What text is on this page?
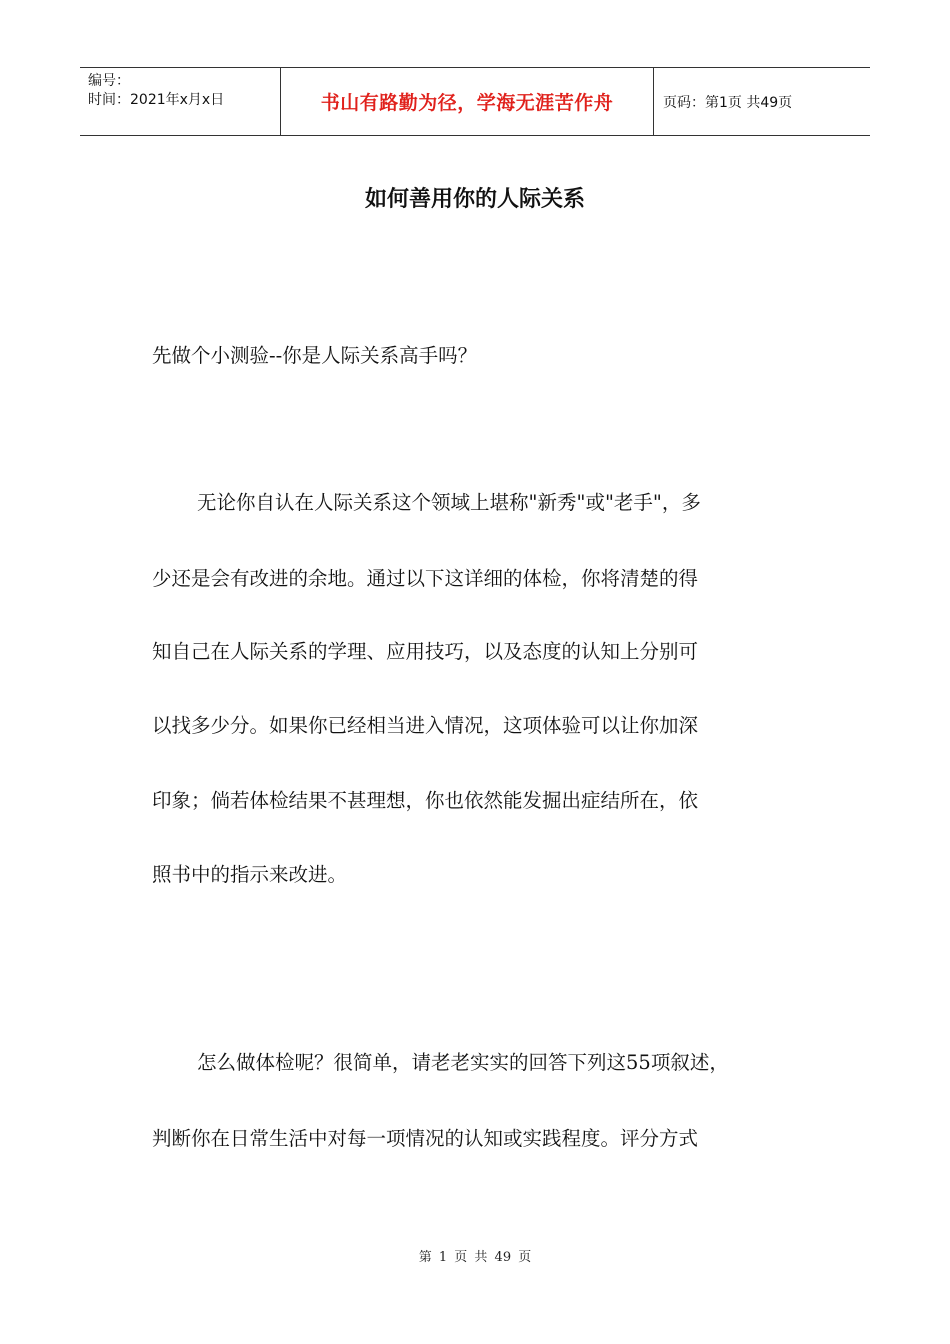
编号：
时间：2021年x月x日	书山有路勤为径，学海无涯苦作舟	页码：第1页 共49页
如何善用你的人际关系
先做个小测验--你是人际关系高手吗？
无论你自认在人际关系这个领域上堪称"新秀"或"老手"，多
少还是会有改进的余地。通过以下这详细的体检，你将清楚的得
知自己在人际关系的学理、应用技巧，以及态度的认知上分别可
以找多少分。如果你已经相当进入情况，这项体验可以让你加深
印象；倘若体检结果不甚理想，你也依然能发掘出症结所在，依
照书中的指示来改进。
怎么做体检呢？很简单，请老老实实的回答下列这55项叙述，
判断你在日常生活中对每一项情况的认知或实践程度。评分方式
第 1 页 共 49 页
